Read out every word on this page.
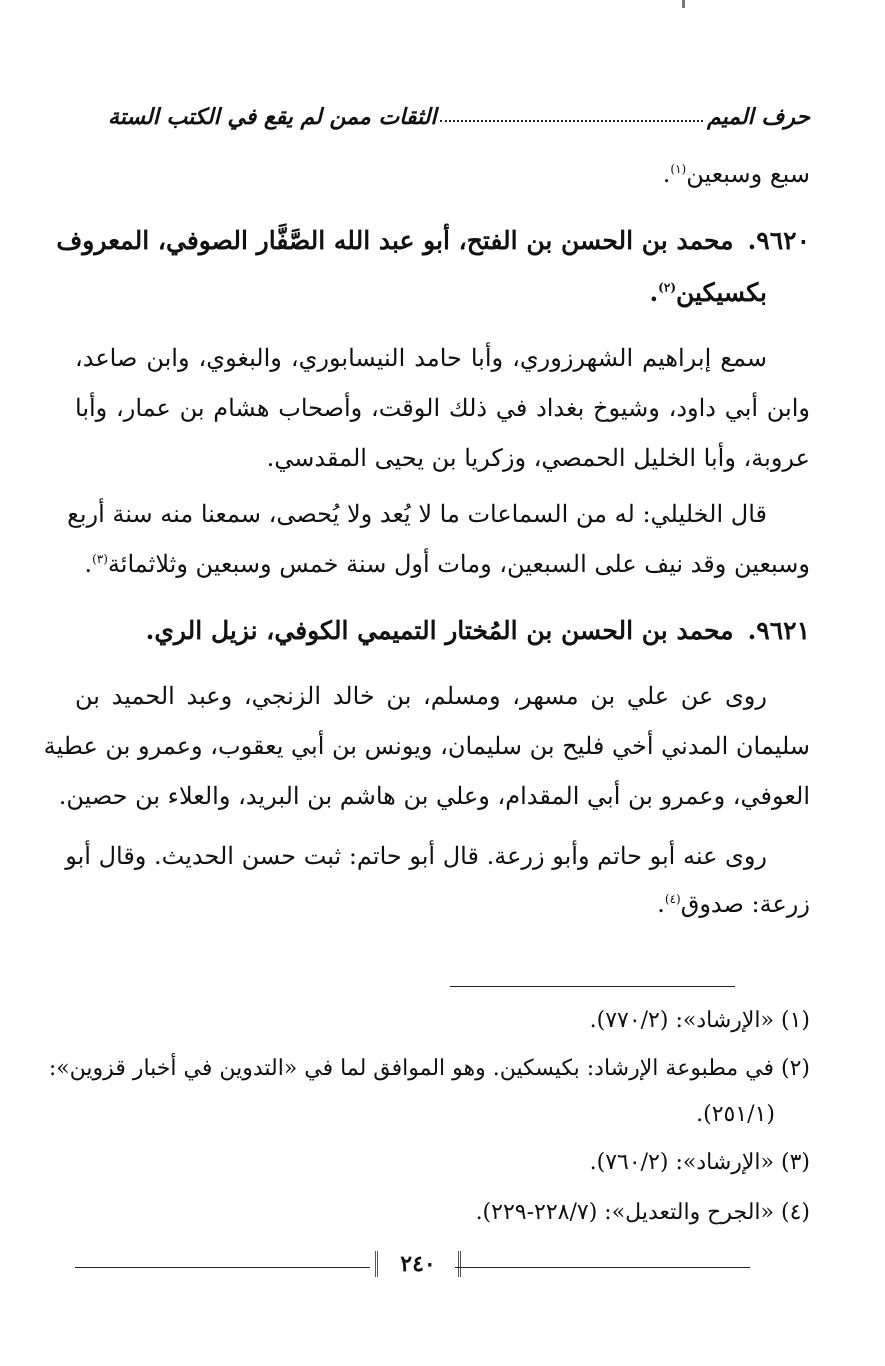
حرف الميم
الثقات ممن لم يقع في الكتب الستة
سبع وسبعين$^{(١)}$.
٩٦٢٠.محمد بن الحسن بن الفتح، أبو عبد الله الصَّفَّار الصوفي، المعروف
بكسيكين$^{(٢)}$.
سمع إبراهيم الشهرزوري، وأبا حامد النيسابوري، والبغوي، وابن صاعد،
وابن أبي داود، وشيوخ بغداد في ذلك الوقت، وأصحاب هشام بن عمار، وأبا
عروبة، وأبا الخليل الحمصي، وزكريا بن يحيى المقدسي.
قال الخليلي: له من السماعات ما لا يُعد ولا يُحصى، سمعنا منه سنة أربع
وسبعين وقد نيف على السبعين، ومات أول سنة خمس وسبعين وثلاثمائة$^{(٣)}$.
٩٦٢١.محمد بن الحسن بن المُختار التميمي الكوفي، نزيل الري.
روى عن علي بن مسهر، ومسلم، بن خالد الزنجي، وعبد الحميد بن
سليمان المدني أخي فليح بن سليمان، ويونس بن أبي يعقوب، وعمرو بن عطية
العوفي، وعمرو بن أبي المقدام، وعلي بن هاشم بن البريد، والعلاء بن حصين.
روى عنه أبو حاتم وأبو زرعة. قال أبو حاتم: ثبت حسن الحديث. وقال أبو
زرعة: صدوق$^{(٤)}$.
(١) «الإرشاد»: (٧٧٠/٢).
(٢) في مطبوعة الإرشاد: بكيسكين. وهو الموافق لما في «التدوين في أخبار قزوين»:
(٢٥١/١).
(٣) «الإرشاد»: (٧٦٠/٢).
(٤) «الجرح والتعديل»: (٢٢٨/٧-٢٢٩).
٢٤٠
